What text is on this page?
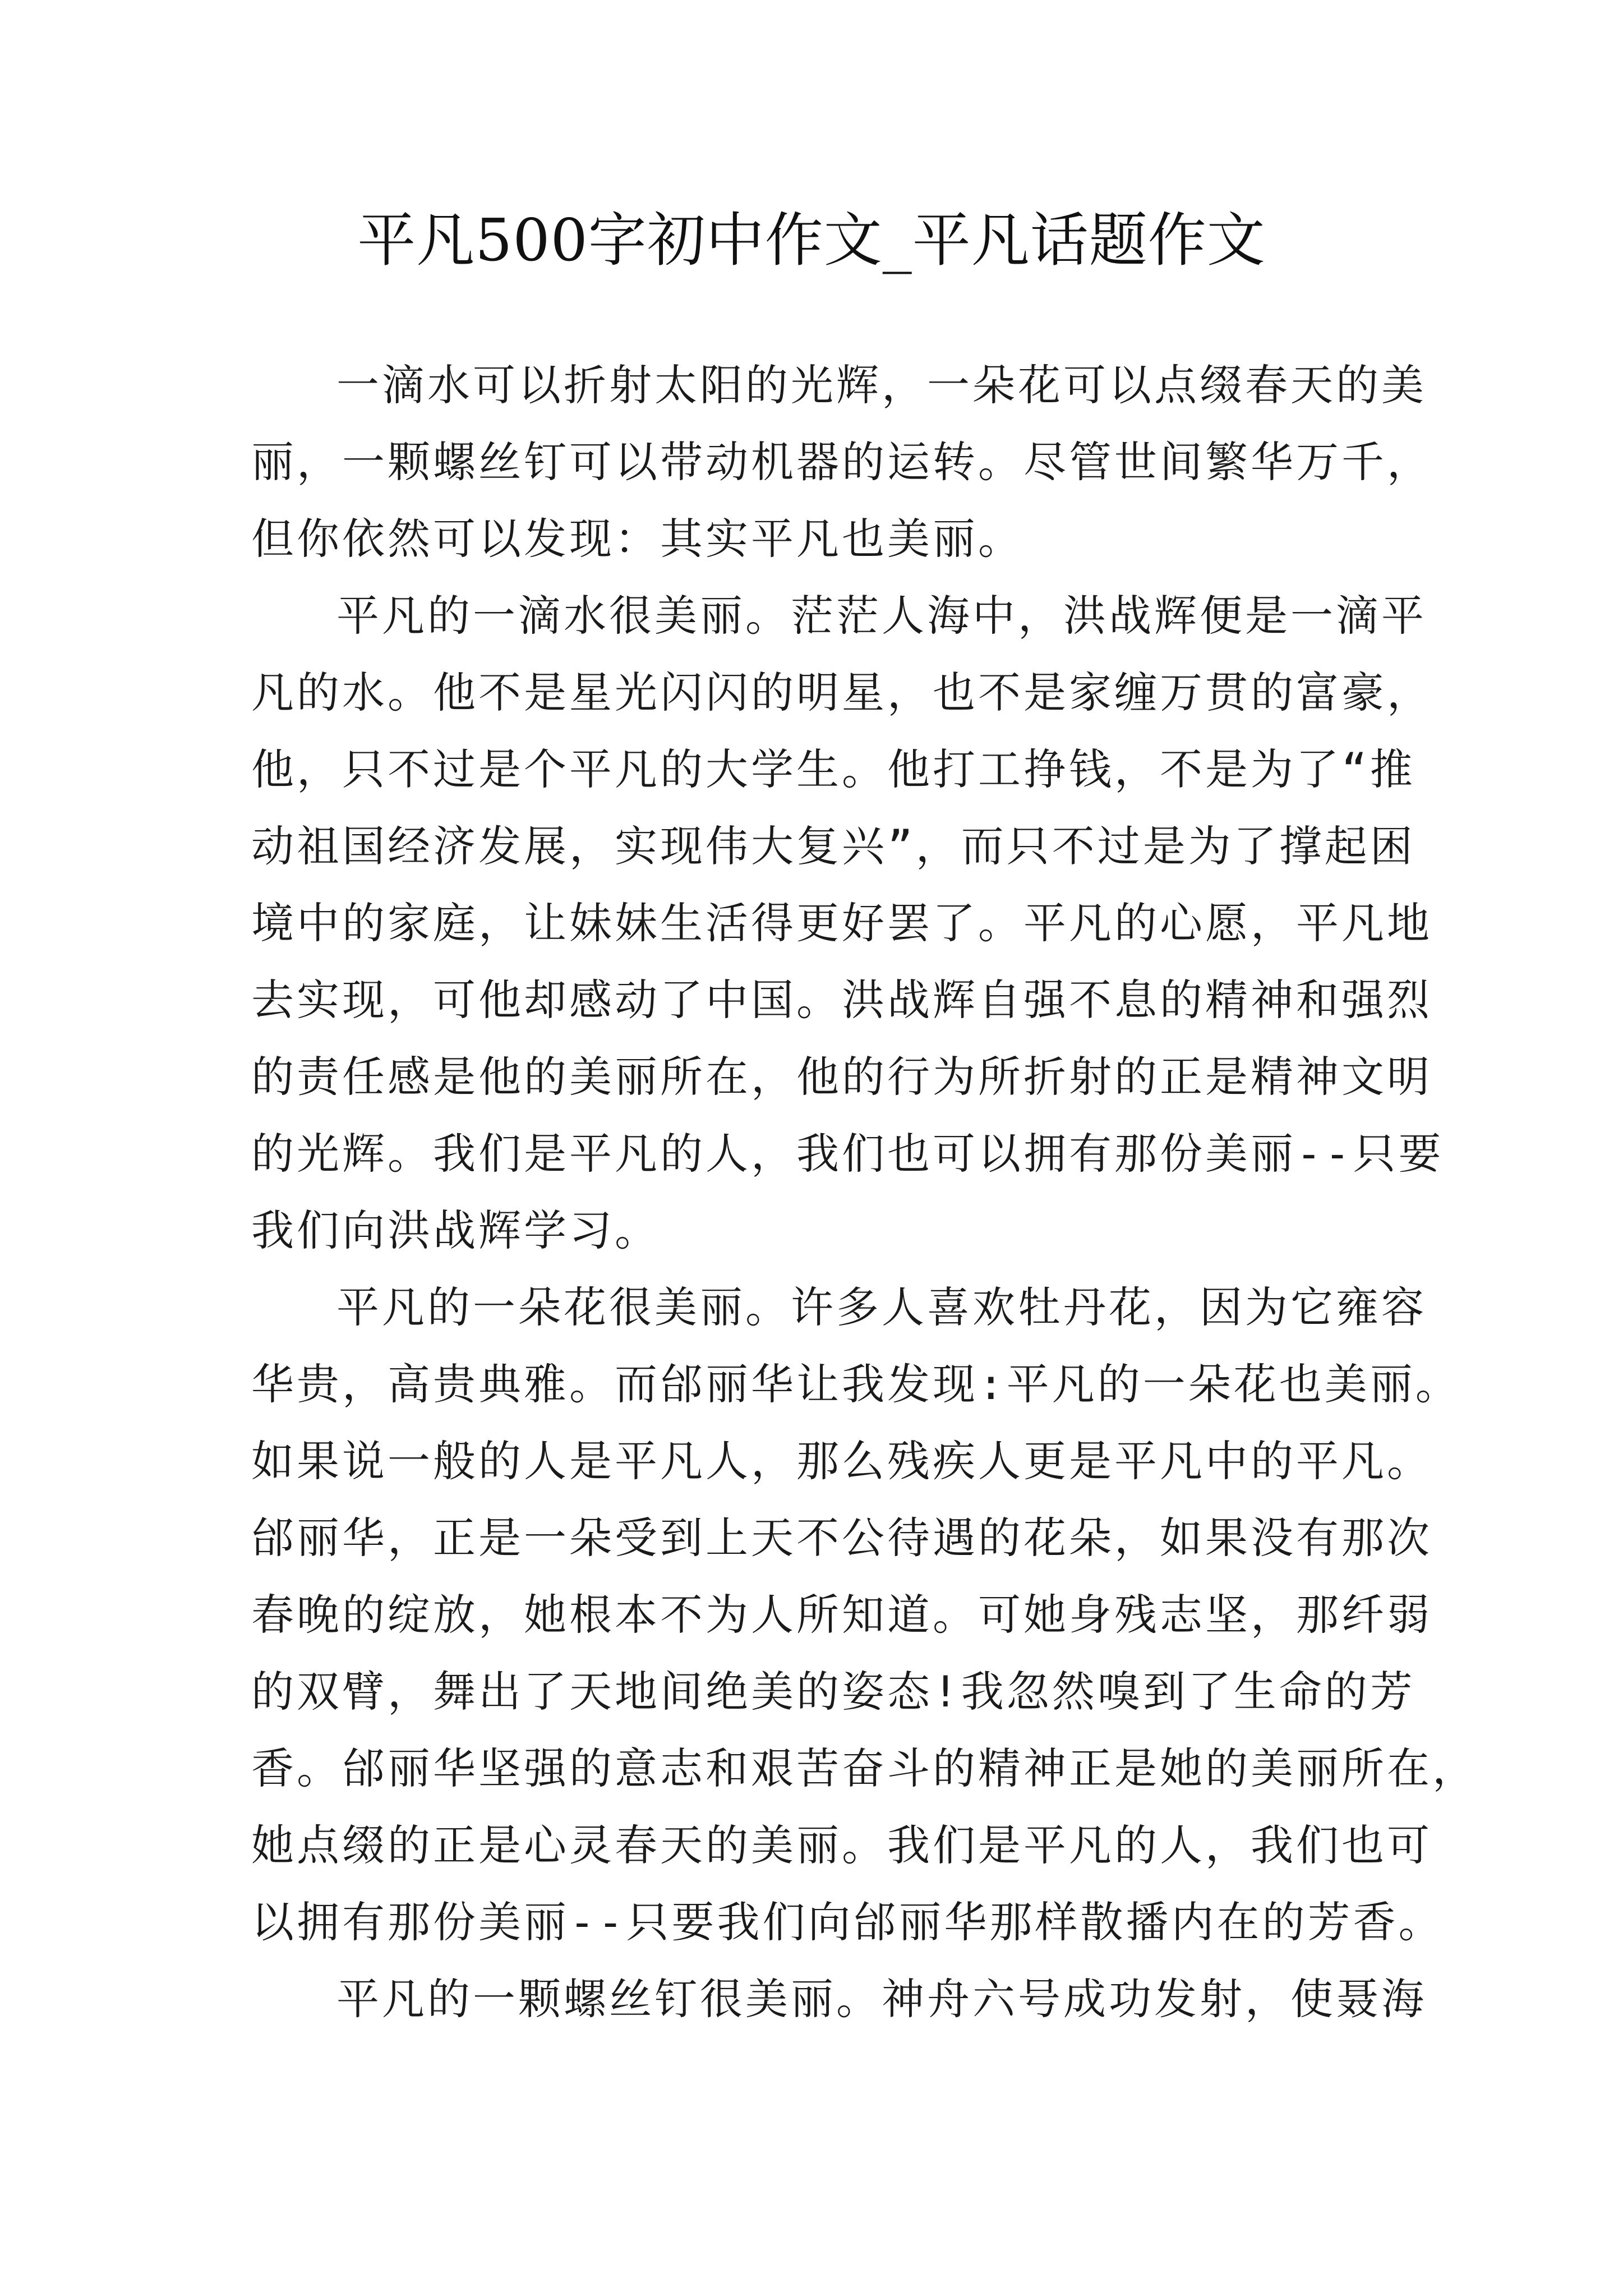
平凡500字初中作文_平凡话题作文
一滴水可以折射太阳的光辉，一朵花可以点缀春天的美
丽，一颗螺丝钉可以带动机器的运转。尽管世间繁华万千，
但你依然可以发现：其实平凡也美丽。
平凡的一滴水很美丽。茫茫人海中，洪战辉便是一滴平
凡的水。他不是星光闪闪的明星，也不是家缠万贯的富豪，
他，只不过是个平凡的大学生。他打工挣钱，不是为了“推
动祖国经济发展，实现伟大复兴”，而只不过是为了撑起困
境中的家庭，让妹妹生活得更好罢了。平凡的心愿，平凡地
去实现，可他却感动了中国。洪战辉自强不息的精神和强烈
的责任感是他的美丽所在，他的行为所折射的正是精神文明
的光辉。我们是平凡的人，我们也可以拥有那份美丽--只要
我们向洪战辉学习。
平凡的一朵花很美丽。许多人喜欢牡丹花，因为它雍容
华贵，高贵典雅。而邰丽华让我发现:平凡的一朵花也美丽。
如果说一般的人是平凡人，那么残疾人更是平凡中的平凡。
邰丽华，正是一朵受到上天不公待遇的花朵，如果没有那次
春晚的绽放，她根本不为人所知道。可她身残志坚，那纤弱
的双臂，舞出了天地间绝美的姿态!我忽然嗅到了生命的芳
香。邰丽华坚强的意志和艰苦奋斗的精神正是她的美丽所在，
她点缀的正是心灵春天的美丽。我们是平凡的人，我们也可
以拥有那份美丽--只要我们向邰丽华那样散播内在的芳香。
平凡的一颗螺丝钉很美丽。神舟六号成功发射，使聂海
